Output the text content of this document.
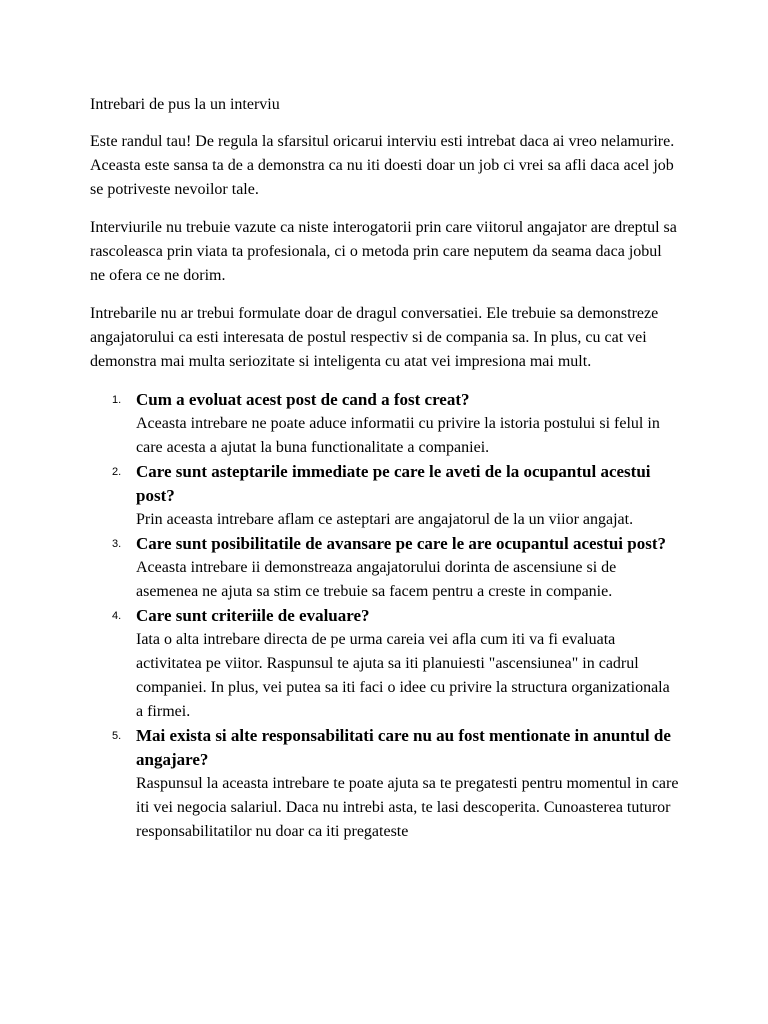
Intrebari de pus la un interviu

Este randul tau! De regula la sfarsitul oricarui interviu esti intrebat daca ai vreo nelamurire. Aceasta este sansa ta de a demonstra ca nu iti doesti doar un job ci vrei sa afli daca acel job se potriveste nevoilor tale.

Interviurile nu trebuie vazute ca niste interogatorii prin care viitorul angajator are dreptul sa rascoleasca prin viata ta profesionala, ci o metoda prin care neputem da seama daca jobul ne ofera ce ne dorim.

Intrebarile nu ar trebui formulate doar de dragul conversatiei. Ele trebuie sa demonstreze angajatorului ca esti interesata de postul respectiv si de compania sa. In plus, cu cat vei demonstra mai multa seriozitate si inteligenta cu atat vei impresiona mai mult.

1. Cum a evoluat acest post de cand a fost creat?

Aceasta intrebare ne poate aduce informatii cu privire la istoria postului si felul in care acesta a ajutat la buna functionalitate a companiei.

2. Care sunt asteptarile immediate pe care le aveti de la ocupantul acestui post?

Prin aceasta intrebare aflam ce asteptari are angajatorul de la un viior angajat.

3. Care sunt posibilitatile de avansare pe care le are ocupantul acestui post?

Aceasta intrebare ii demonstreaza angajatorului dorinta de ascensiune si de asemenea ne ajuta sa stim ce trebuie sa facem pentru a creste in companie.

4. Care sunt criteriile de evaluare?

Iata o alta intrebare directa de pe urma careia vei afla cum iti va fi evaluata activitatea pe viitor. Raspunsul te ajuta sa iti planuiesti "ascensiunea" in cadrul companiei. In plus, vei putea sa iti faci o idee cu privire la structura organizationala a firmei.

5. Mai exista si alte responsabilitati care nu au fost mentionate in anuntul de angajare?

Raspunsul la aceasta intrebare te poate ajuta sa te pregatesti pentru momentul in care iti vei negocia salariul. Daca nu intrebi asta, te lasi descoperita. Cunoasterea tuturor responsabilitatilor nu doar ca iti pregateste
